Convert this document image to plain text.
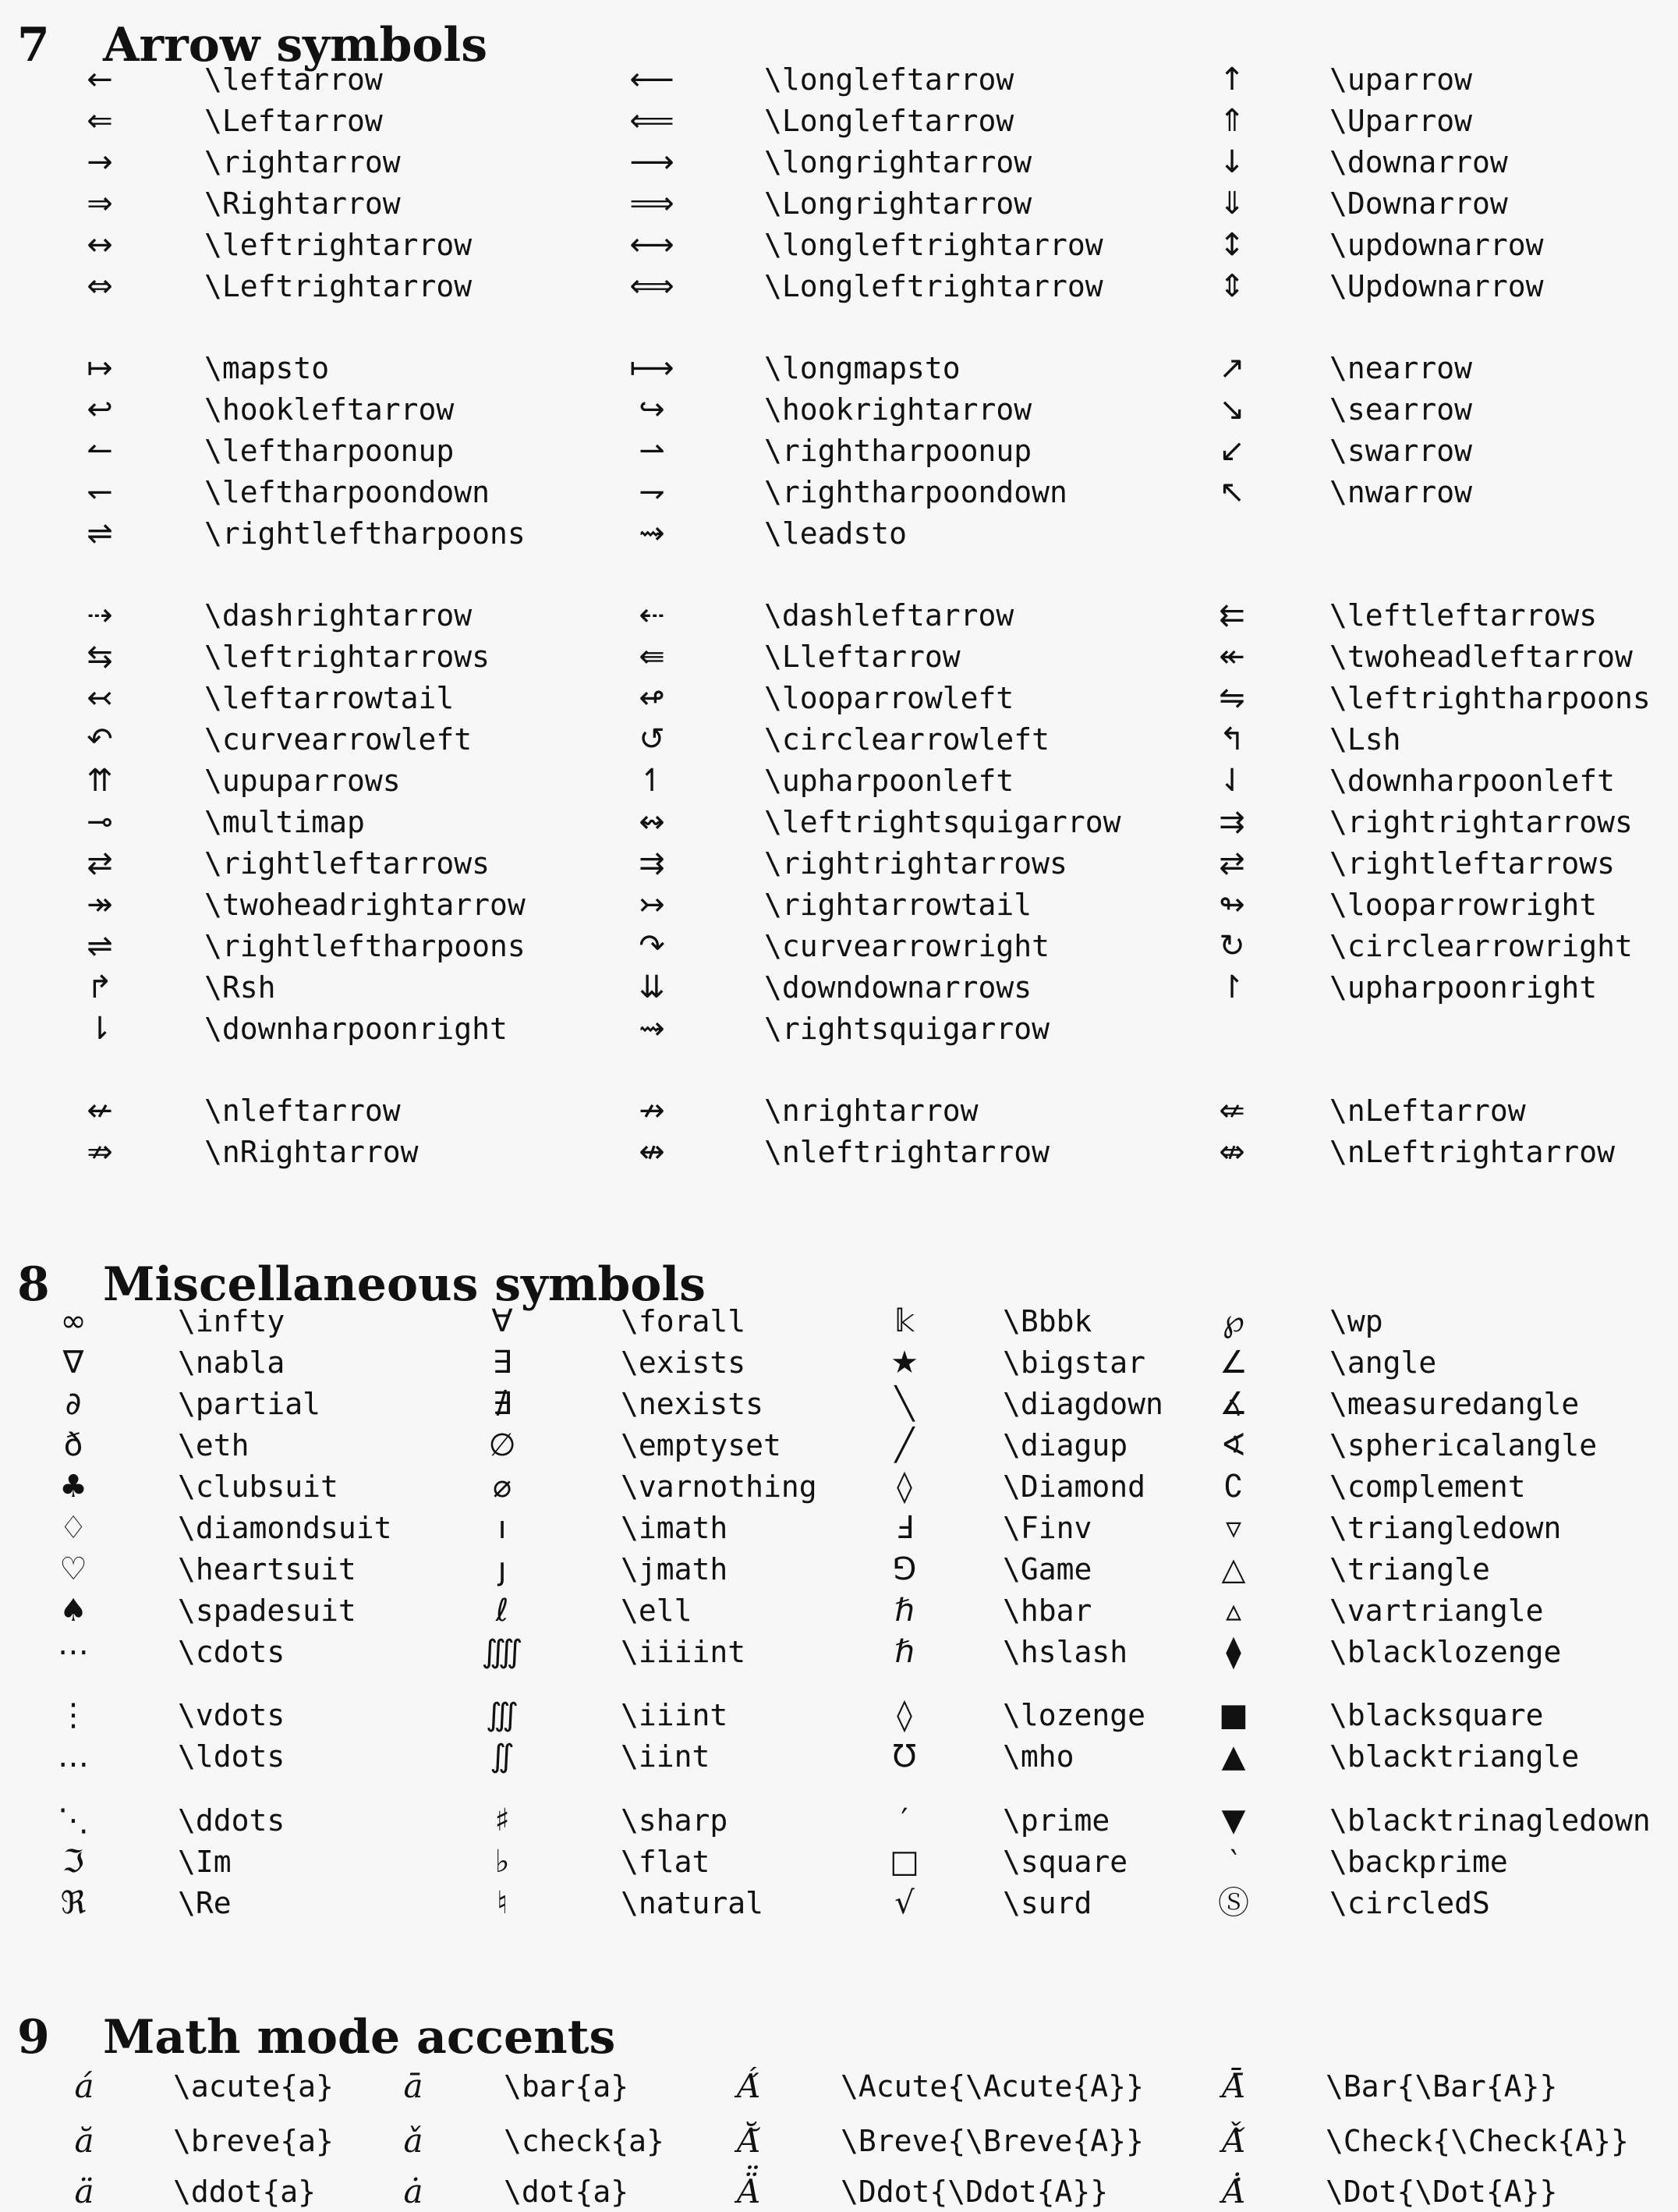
7 Arrow symbols
←	\leftarrow	⟵	\longleftarrow	↑	\uparrow
⇐	\Leftarrow	⟸	\Longleftarrow	⇑	\Uparrow
→	\rightarrow	⟶	\longrightarrow	↓	\downarrow
⇒	\Rightarrow	⟹	\Longrightarrow	⇓	\Downarrow
↔	\leftrightarrow	⟷	\longleftrightarrow	↕	\updownarrow
⇔	\Leftrightarrow	⟺	\Longleftrightarrow	⇕	\Updownarrow
↦	\mapsto	⟼	\longmapsto	↗	\nearrow
↩	\hookleftarrow	↪	\hookrightarrow	↘	\searrow
↼	\leftharpoonup	⇀	\rightharpoonup	↙	\swarrow
↽	\leftharpoondown	⇁	\rightharpoondown	↖	\nwarrow
⇌	\rightleftharpoons	⇝	\leadsto
⇢	\dashrightarrow	⇠	\dashleftarrow	⇇	\leftleftarrows
⇆	\leftrightarrows	⇚	\Lleftarrow	↞	\twoheadleftarrow
↢	\leftarrowtail	↫	\looparrowleft	⇋	\leftrightharpoons
↶	\curvearrowleft	↺	\circlearrowleft	↰	\Lsh
⇈	\upuparrows	↿	\upharpoonleft	⇃	\downharpoonleft
⊸	\multimap	↭	\leftrightsquigarrow	⇉	\rightrightarrows
⇄	\rightleftarrows	⇉	\rightrightarrows	⇄	\rightleftarrows
↠	\twoheadrightarrow	↣	\rightarrowtail	↬	\looparrowright
⇌	\rightleftharpoons	↷	\curvearrowright	↻	\circlearrowright
↱	\Rsh	⇊	\downdownarrows	↾	\upharpoonright
⇂	\downharpoonright	⇝	\rightsquigarrow
↚	\nleftarrow	↛	\nrightarrow	⇍	\nLeftarrow
⇏	\nRightarrow	↮	\nleftrightarrow	⇎	\nLeftrightarrow
8 Miscellaneous symbols
∞	\infty	∀	\forall	𝕜	\Bbbk	℘	\wp
∇	\nabla	∃	\exists	★	\bigstar	∠	\angle
∂	\partial	∄	\nexists	╲	\diagdown	∡	\measuredangle
ð	\eth	∅	\emptyset	╱	\diagup	∢	\sphericalangle
♣	\clubsuit	⌀	\varnothing	◊	\Diamond	∁	\complement
♢	\diamondsuit	ı	\imath	Ⅎ	\Finv	▿	\triangledown
♡	\heartsuit	ȷ	\jmath	⅁	\Game	△	\triangle
♠	\spadesuit	ℓ	\ell	ℏ	\hbar	▵	\vartriangle
⋯	\cdots	⨌	\iiiint	ℏ	\hslash	⧫	\blacklozenge
⋮	\vdots	∭	\iiint	◊	\lozenge	■	\blacksquare
…	\ldots	∬	\iint	℧	\mho	▲	\blacktriangle
⋱	\ddots	♯	\sharp	′	\prime	▼	\blacktrinagledown
ℑ	\Im	♭	\flat	□	\square	‵	\backprime
ℜ	\Re	♮	\natural	√	\surd	Ⓢ	\circledS
9 Math mode accents
á	\acute{a}	ā	\bar{a}	Á́	\Acute{\Acute{A}}	Ā̄	\Bar{\Bar{A}}
ă	\breve{a}	ǎ	\check{a}	Ă̆	\Breve{\Breve{A}}	Ǎ̌	\Check{\Check{A}}
ä	\ddot{a}	ȧ	\dot{a}	Ä̈	\Ddot{\Ddot{A}}	Ȧ̇	\Dot{\Dot{A}}
